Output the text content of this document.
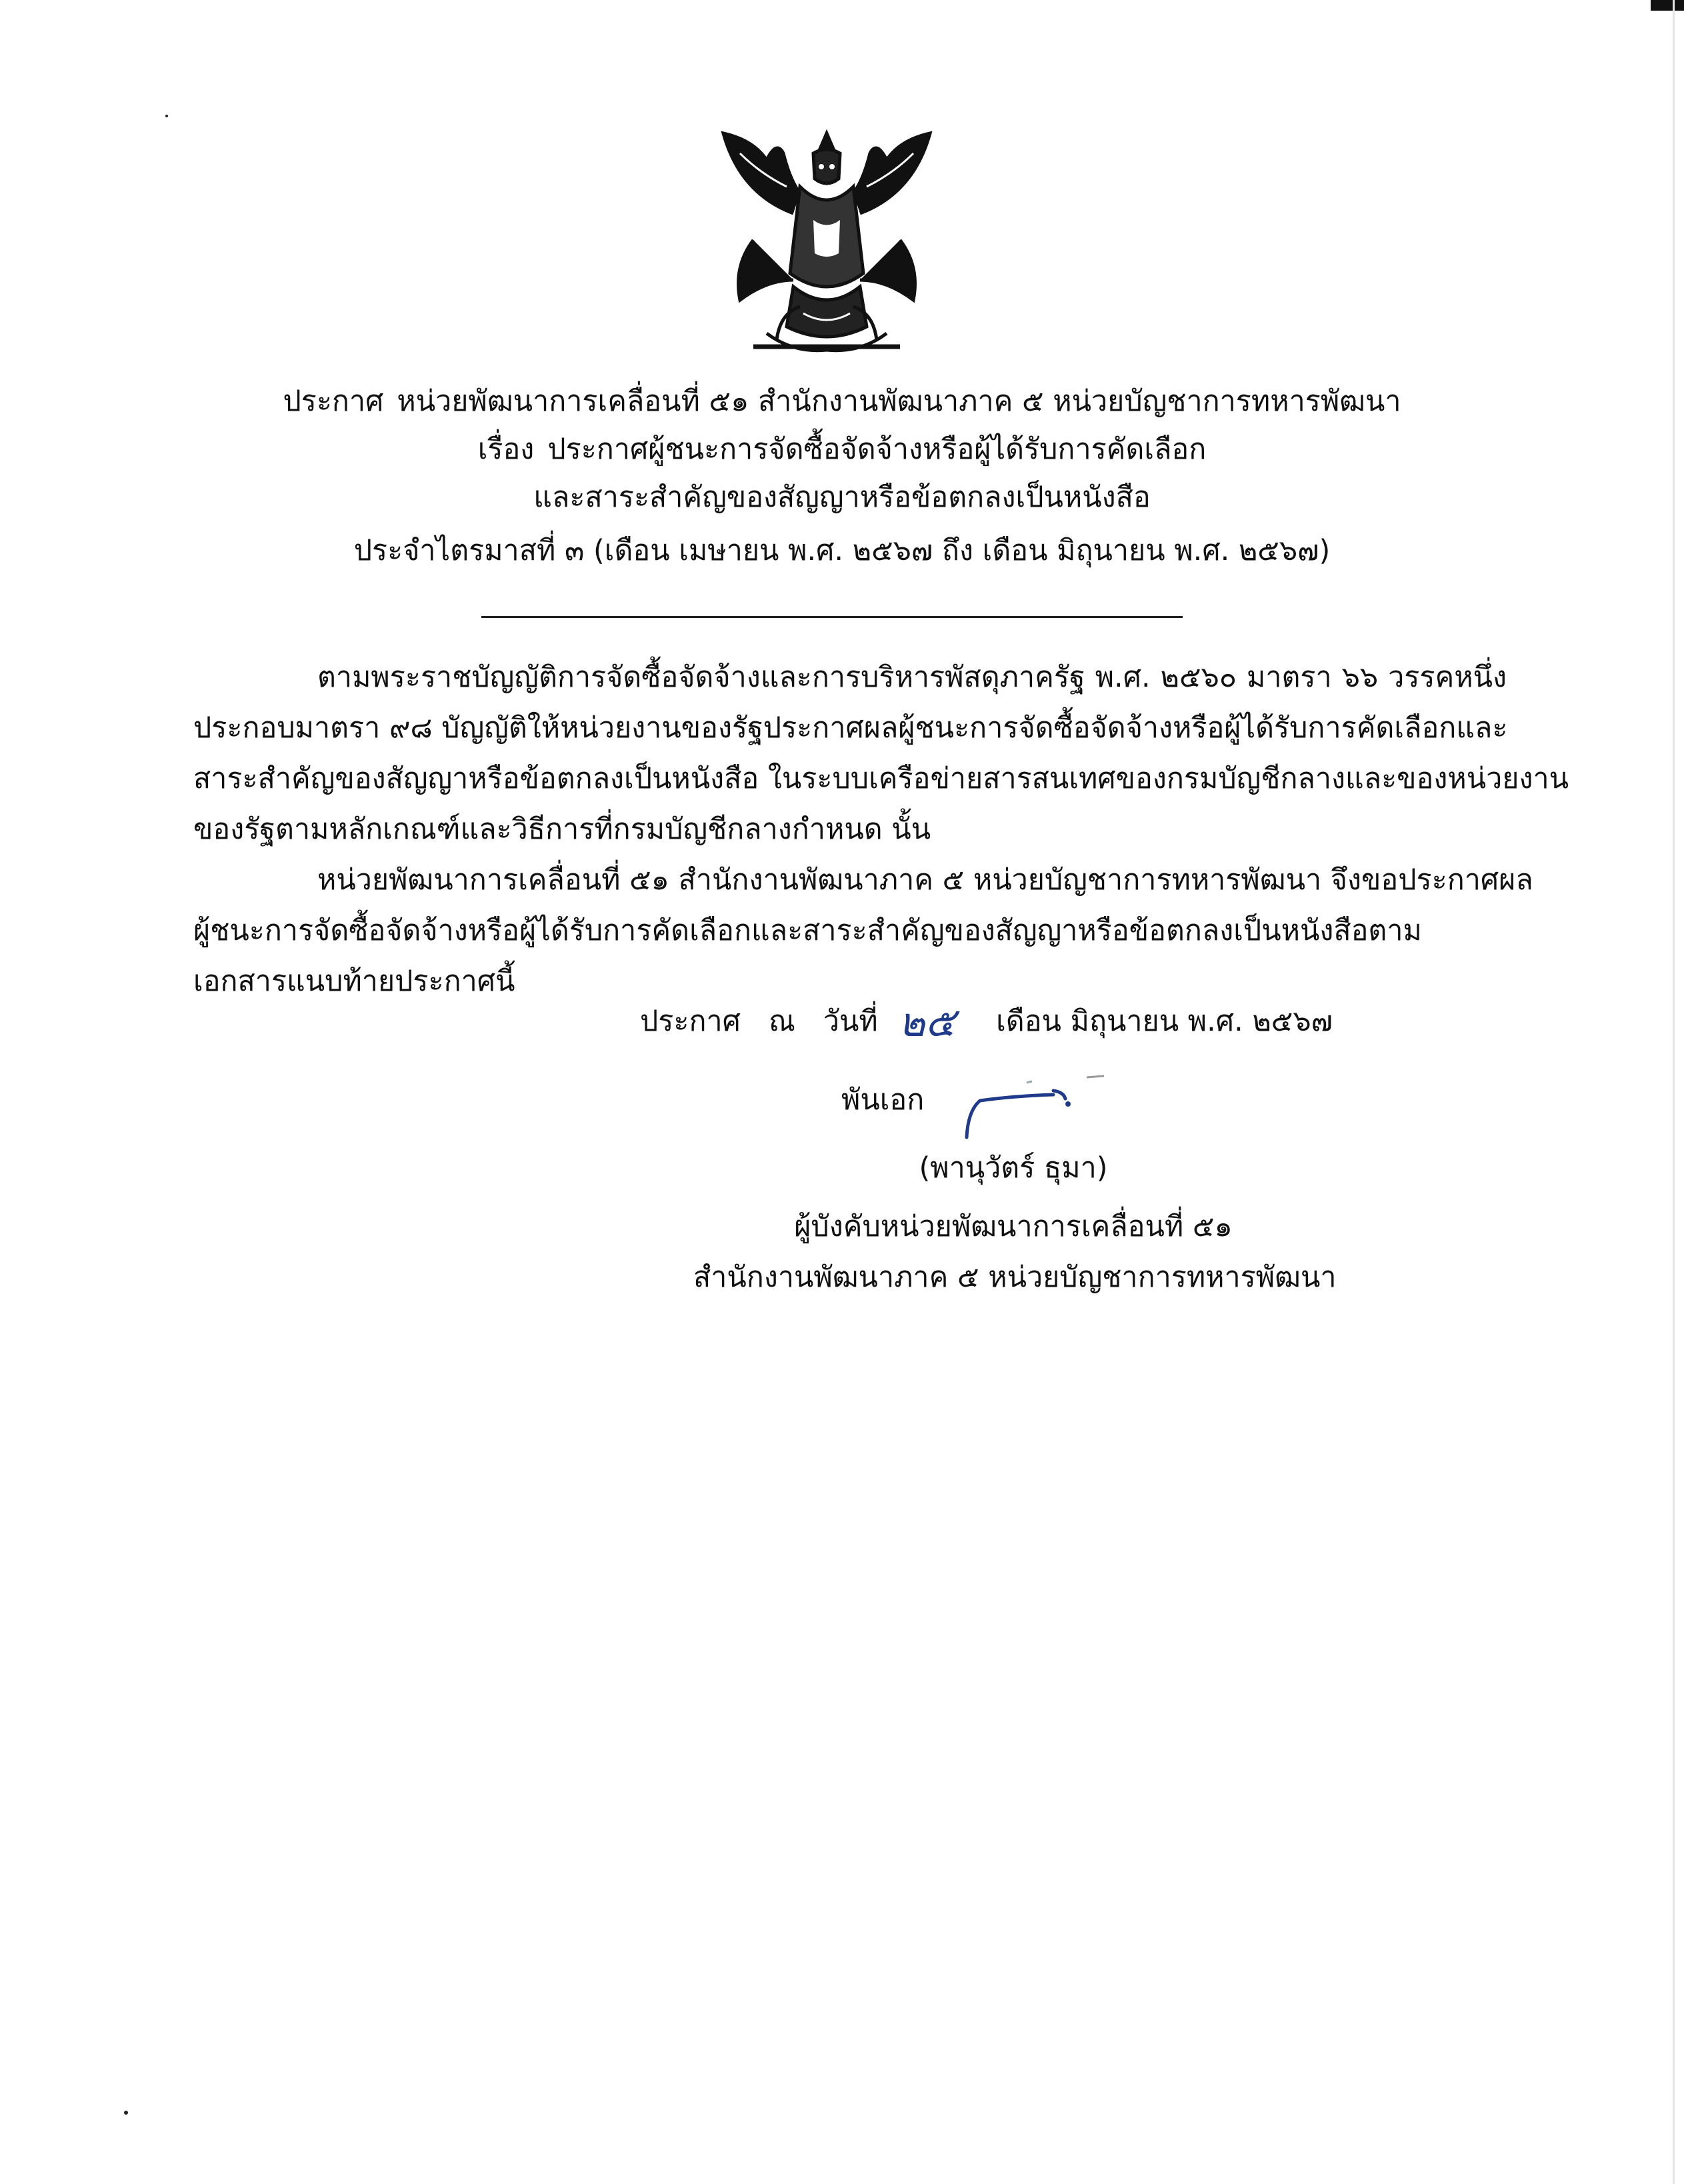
ประกาศ หน่วยพัฒนาการเคลื่อนที่ ๕๑ สำนักงานพัฒนาภาค ๕ หน่วยบัญชาการทหารพัฒนา
เรื่อง ประกาศผู้ชนะการจัดซื้อจัดจ้างหรือผู้ได้รับการคัดเลือก
และสาระสำคัญของสัญญาหรือข้อตกลงเป็นหนังสือ
ประจำไตรมาสที่ ๓ (เดือน เมษายน พ.ศ. ๒๕๖๗ ถึง เดือน มิถุนายน พ.ศ. ๒๕๖๗)
ตามพระราชบัญญัติการจัดซื้อจัดจ้างและการบริหารพัสดุภาครัฐ พ.ศ. ๒๕๖๐ มาตรา ๖๖ วรรคหนึ่ง
ประกอบมาตรา ๙๘ บัญญัติให้หน่วยงานของรัฐประกาศผลผู้ชนะการจัดซื้อจัดจ้างหรือผู้ได้รับการคัดเลือกและ
สาระสำคัญของสัญญาหรือข้อตกลงเป็นหนังสือ ในระบบเครือข่ายสารสนเทศของกรมบัญชีกลางและของหน่วยงาน
ของรัฐตามหลักเกณฑ์และวิธีการที่กรมบัญชีกลางกำหนด นั้น
หน่วยพัฒนาการเคลื่อนที่ ๕๑ สำนักงานพัฒนาภาค ๕ หน่วยบัญชาการทหารพัฒนา จึงขอประกาศผล
ผู้ชนะการจัดซื้อจัดจ้างหรือผู้ได้รับการคัดเลือกและสาระสำคัญของสัญญาหรือข้อตกลงเป็นหนังสือตาม
เอกสารแนบท้ายประกาศนี้
ประกาศ ณ วันที่ ๒๕ เดือน มิถุนายน พ.ศ. ๒๕๖๗
พันเอก
(พานุวัตร์ ธุมา)
ผู้บังคับหน่วยพัฒนาการเคลื่อนที่ ๕๑
สำนักงานพัฒนาภาค ๕ หน่วยบัญชาการทหารพัฒนา
